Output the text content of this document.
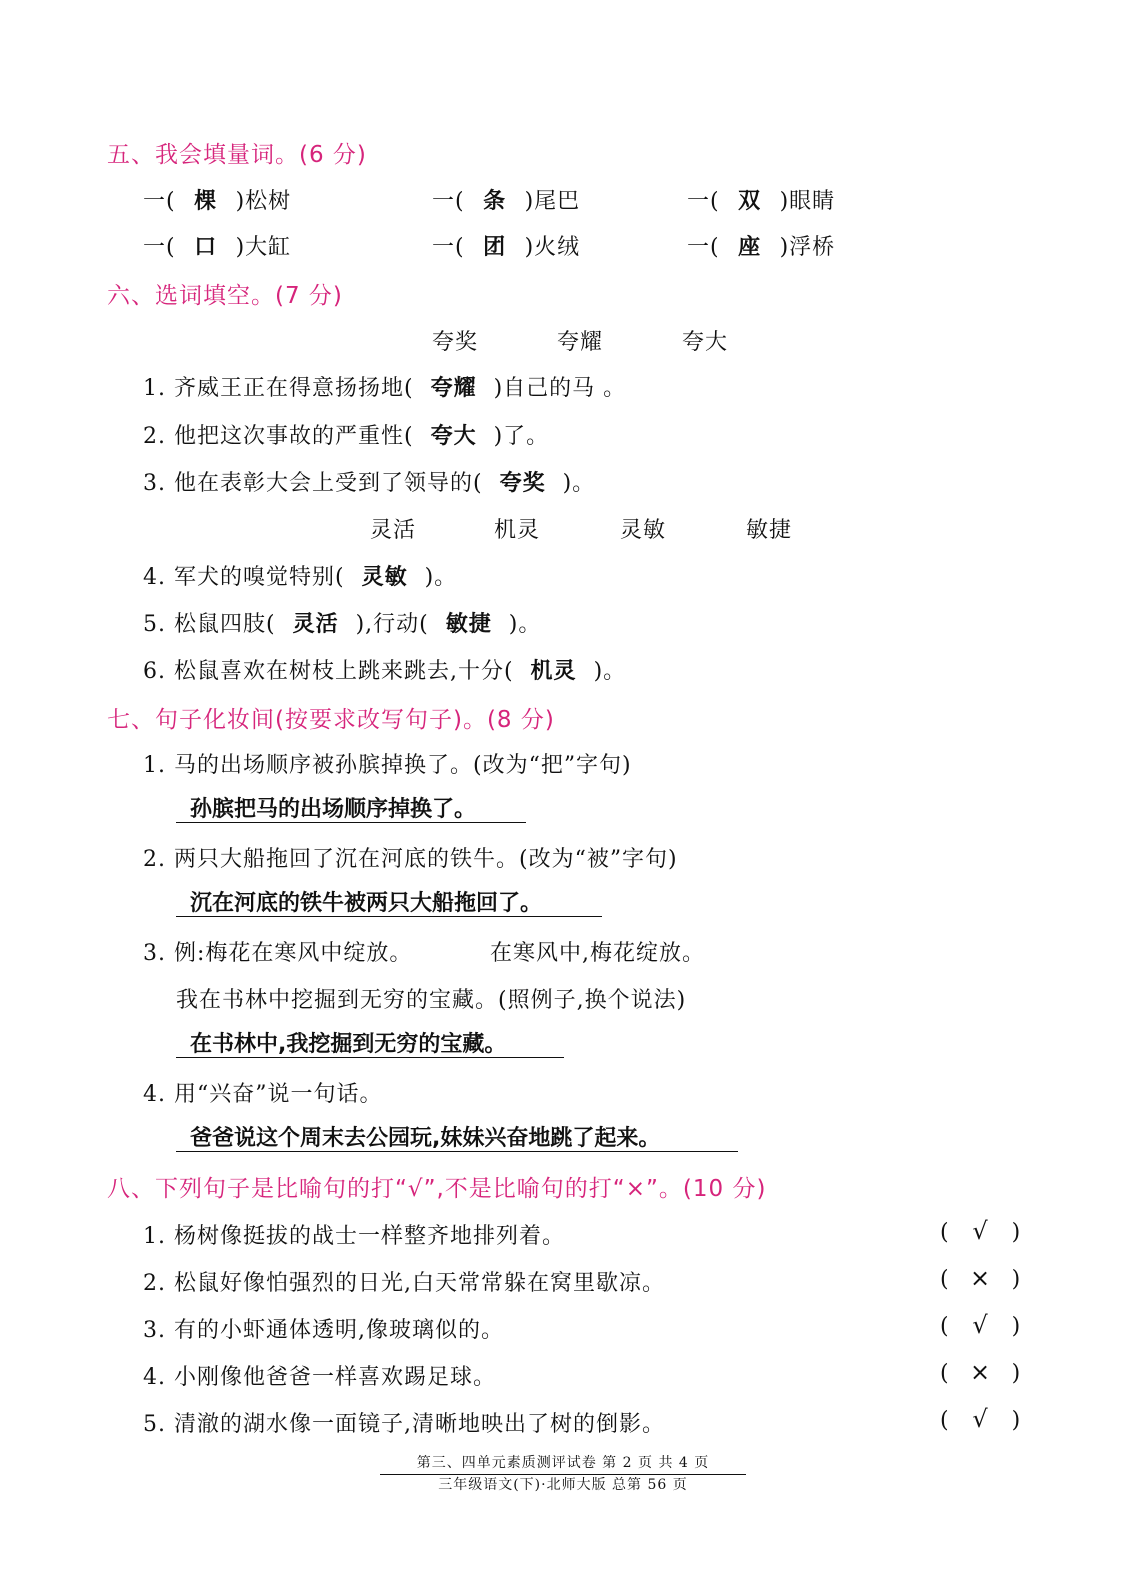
五、我会填量词。(6 分)
一( 棵 )松树	一( 条 )尾巴	一( 双 )眼睛
一( 口 )大缸	一( 团 )火绒	一( 座 )浮桥
六、选词填空。(7 分)
夸奖	夸耀	夸大
1. 齐威王正在得意扬扬地( 夸耀 )自己的马 。
2. 他把这次事故的严重性( 夸大 )了。
3. 他在表彰大会上受到了领导的( 夸奖 )。
灵活	机灵	灵敏	敏捷
4. 军犬的嗅觉特别( 灵敏 )。
5. 松鼠四肢( 灵活 ),行动( 敏捷 )。
6. 松鼠喜欢在树枝上跳来跳去,十分( 机灵 )。
七、句子化妆间(按要求改写句子)。(8 分)
1. 马的出场顺序被孙膑掉换了。(改为“把”字句)
孙膑把马的出场顺序掉换了。
2. 两只大船拖回了沉在河底的铁牛。(改为“被”字句)
沉在河底的铁牛被两只大船拖回了。
3. 例:梅花在寒风中绽放。	在寒风中,梅花绽放。
我在书林中挖掘到无穷的宝藏。(照例子,换个说法)
在书林中,我挖掘到无穷的宝藏。
4. 用“兴奋”说一句话。
爸爸说这个周末去公园玩,妹妹兴奋地跳了起来。
八、下列句子是比喻句的打“√”,不是比喻句的打“×”。(10 分)
1. 杨树像挺拔的战士一样整齐地排列着。	( √ )
2. 松鼠好像怕强烈的日光,白天常常躲在窝里歇凉。	( × )
3. 有的小虾通体透明,像玻璃似的。	( √ )
4. 小刚像他爸爸一样喜欢踢足球。	( × )
5. 清澈的湖水像一面镜子,清晰地映出了树的倒影。	( √ )
第三、四单元素质测评试卷 第 2 页 共 4 页
三年级语文(下)·北师大版 总第 56 页
